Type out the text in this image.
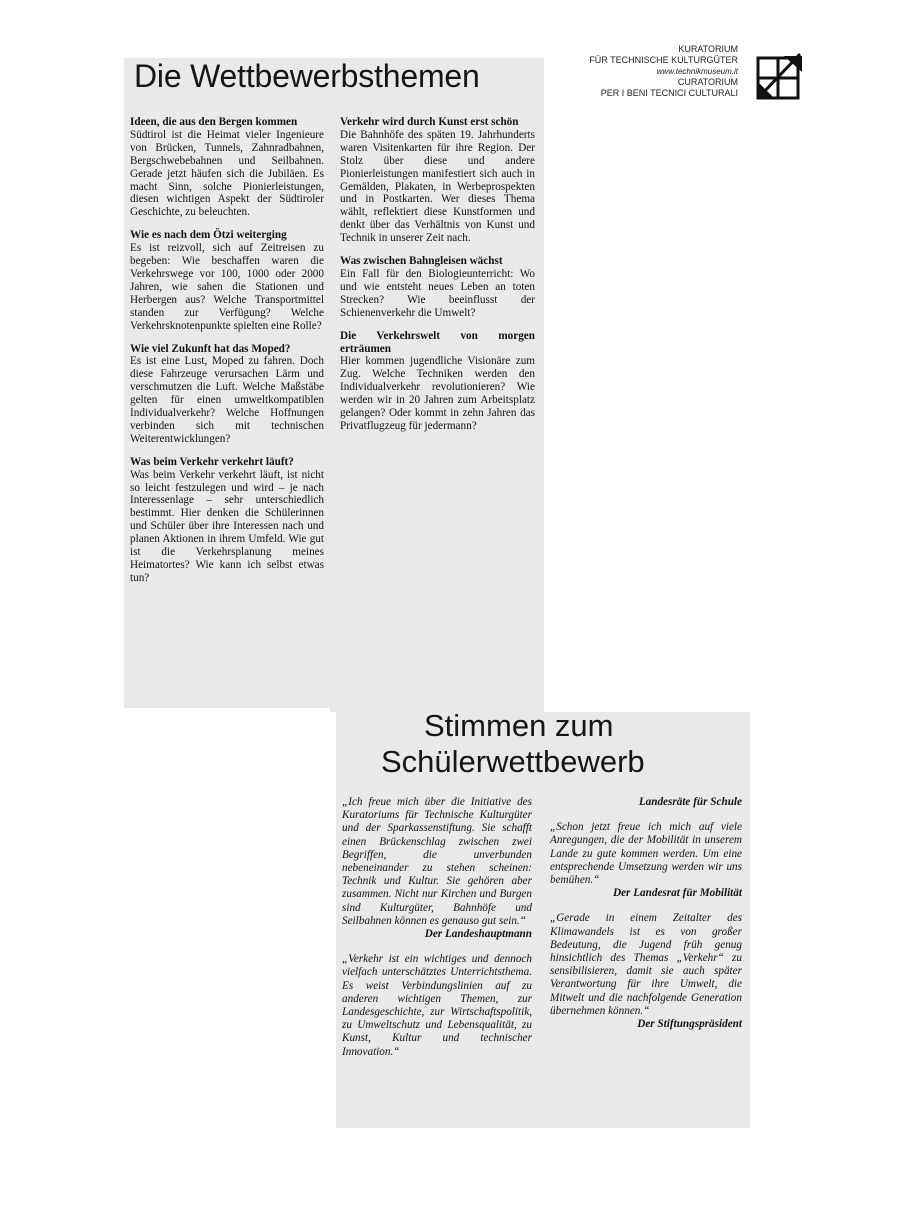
KURATORIUM
FÜR TECHNISCHE KULTURGÜTER
www.technikmuseum.it
CURATORIUM
PER I BENI TECNICI CULTURALI
Die Wettbewerbsthemen
Ideen, die aus den Bergen kommen

Südtirol ist die Heimat vieler Ingenieure von Brücken, Tunnels, Zahnradbahnen, Bergschwebebahnen und Seilbahnen. Gerade jetzt häufen sich die Jubiläen. Es macht Sinn, solche Pionierleistungen, diesen wichtigen Aspekt der Südtiroler Geschichte, zu beleuchten.

Wie es nach dem Ötzi weiterging

Es ist reizvoll, sich auf Zeitreisen zu begeben: Wie beschaffen waren die Verkehrswege vor 100, 1000 oder 2000 Jahren, wie sahen die Stationen und Herbergen aus? Welche Transportmittel standen zur Verfügung? Welche Verkehrsknotenpunkte spielten eine Rolle?

Wie viel Zukunft hat das Moped?

Es ist eine Lust, Moped zu fahren. Doch diese Fahrzeuge verursachen Lärm und verschmutzen die Luft. Welche Maßstäbe gelten für einen umweltkompatiblen Individualverkehr? Welche Hoffnungen verbinden sich mit technischen Weiterentwicklungen?

Was beim Verkehr verkehrt läuft?

Was beim Verkehr verkehrt läuft, ist nicht so leicht festzulegen und wird – je nach Interessenlage – sehr unterschiedlich bestimmt. Hier denken die Schülerinnen und Schüler über ihre Interessen nach und planen Aktionen in ihrem Umfeld. Wie gut ist die Verkehrsplanung meines Heimatortes? Wie kann ich selbst etwas tun?

Verkehr wird durch Kunst erst schön

Die Bahnhöfe des späten 19. Jahrhunderts waren Visitenkarten für ihre Region. Der Stolz über diese und andere Pionierleistungen manifestiert sich auch in Gemälden, Plakaten, in Werbeprospekten und in Postkarten. Wer dieses Thema wählt, reflektiert diese Kunstformen und denkt über das Verhältnis von Kunst und Technik in unserer Zeit nach.

Was zwischen Bahngleisen wächst

Ein Fall für den Biologieunterricht: Wo und wie entsteht neues Leben an toten Strecken? Wie beeinflusst der Schienenverkehr die Umwelt?

Die Verkehrswelt von morgen erträumen

Hier kommen jugendliche Visionäre zum Zug. Welche Techniken werden den Individualverkehr revolutionieren? Wie werden wir in 20 Jahren zum Arbeitsplatz gelangen? Oder kommt in zehn Jahren das Privatflugzeug für jedermann?

Stimmen zum
Schülerwettbewerb

„Ich freue mich über die Initiative des Kuratoriums für Technische Kulturgüter und der Sparkassenstiftung. Sie schafft einen Brückenschlag zwischen zwei Begriffen, die unverbunden nebeneinander zu stehen scheinen: Technik und Kultur. Sie gehören aber zusammen. Nicht nur Kirchen und Burgen sind Kulturgüter, Bahnhöfe und Seilbahnen können es genauso gut sein.“

Der Landeshauptmann

„Verkehr ist ein wichtiges und dennoch vielfach unterschätztes Unterrichtsthema. Es weist Verbindungslinien auf zu anderen wichtigen Themen, zur Landesgeschichte, zur Wirtschaftspolitik, zu Umweltschutz und Lebensqualität, zu Kunst, Kultur und technischer Innovation.“

Landesräte für Schule

„Schon jetzt freue ich mich auf viele Anregungen, die der Mobilität in unserem Lande zu gute kommen werden. Um eine entsprechende Umsetzung werden wir uns bemühen.“

Der Landesrat für Mobilität

„Gerade in einem Zeitalter des Klimawandels ist es von großer Bedeutung, die Jugend früh genug hinsichtlich des Themas „Verkehr“ zu sensibilisieren, damit sie auch später Verantwortung für ihre Umwelt, die Mitwelt und die nachfolgende Generation übernehmen können.“

Der Stiftungspräsident
